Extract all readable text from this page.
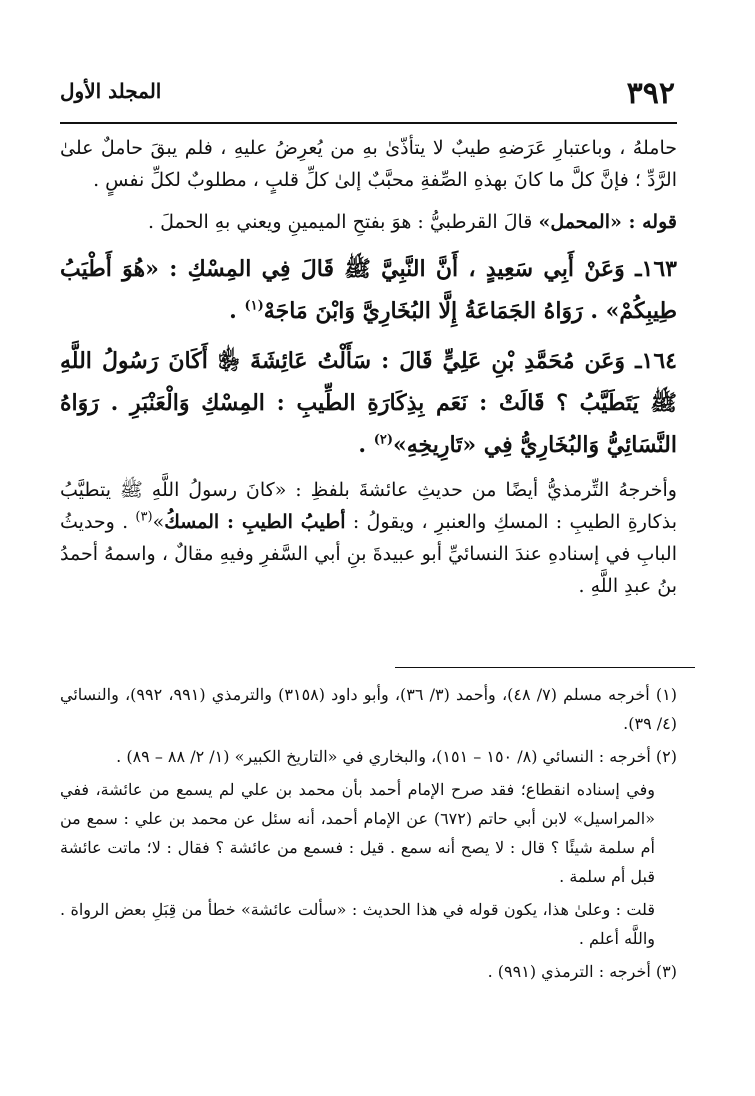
٣٩٢
المجلد الأول

حاملهُ ، وباعتبارِ عَرَضهِ طيبٌ لا يتأذّىٰ بهِ من يُعرِضُ عليهِ ، فلم يبقَ حاملٌ علىٰ الرَّدِّ ؛ فإنَّ كلَّ ما كانَ بهذهِ الصِّفةِ محبَّبٌ إلىٰ كلِّ قلبٍ ، مطلوبٌ لكلِّ نفسٍ .

قوله : «المحمل» قالَ القرطبيُّ : هوَ بفتحِ الميمينِ ويعني بهِ الحملَ .

١٦٣ـ وَعَنْ أَبِي سَعِيدٍ ، أَنَّ النَّبِيَّ ﷺ قَالَ فِي المِسْكِ : «هُوَ أَطْيَبُ طِيبِكُمْ» . رَوَاهُ الجَمَاعَةُ إِلَّا البُخَارِيَّ وَابْنَ مَاجَهْ$^{(١)}$ .

١٦٤ـ وَعَن مُحَمَّدِ بْنِ عَلِيٍّ قَالَ : سَأَلْتُ عَائِشَةَ ﵂ أَكَانَ رَسُولُ اللَّهِ ﷺ يَتَطَيَّبُ ؟ قَالَتْ : نَعَم بِذِكَارَةِ الطِّيبِ : المِسْكِ وَالْعَنْبَرِ . رَوَاهُ النَّسَائِيُّ وَالبُخَارِيُّ فِي «تَارِيخِهِ»$^{(٢)}$ .

وأخرجهُ التِّرمذيُّ أيضًا من حديثِ عائشةَ بلفظِ : «كانَ رسولُ اللَّهِ ﷺ يتطيَّبُ بذكارةِ الطيبِ : المسكِ والعنبرِ ، ويقولُ : أطيبُ الطيبِ : المسكُ»$^{(٣)}$ . وحديثُ البابِ في إسنادهِ عندَ النسائيِّ أبو عبيدةَ بنِ أبي السَّفرِ وفيهِ مقالٌ ، واسمهُ أحمدُ بنُ عبدِ اللَّهِ .

(١) أخرجه مسلم (٧/ ٤٨)، وأحمد (٣/ ٣٦)، وأبو داود (٣١٥٨) والترمذي (٩٩١، ٩٩٢)، والنسائي (٤/ ٣٩).

(٢) أخرجه : النسائي (٨/ ١٥٠ – ١٥١)، والبخاري في «التاريخ الكبير» (١/ ٢/ ٨٨ – ٨٩) .

وفي إسناده انقطاع؛ فقد صرح الإمام أحمد بأن محمد بن علي لم يسمع من عائشة، ففي «المراسيل» لابن أبي حاتم (٦٧٢) عن الإمام أحمد، أنه سئل عن محمد بن علي : سمع من أم سلمة شيئًا ؟ قال : لا يصح أنه سمع . قيل : فسمع من عائشة ؟ فقال : لا؛ ماتت عائشة قبل أم سلمة .

قلت : وعلىٰ هذا، يكون قوله في هذا الحديث : «سألت عائشة» خطأ من قِبَلِ بعض الرواة . واللَّه أعلم .

(٣) أخرجه : الترمذي (٩٩١) .
